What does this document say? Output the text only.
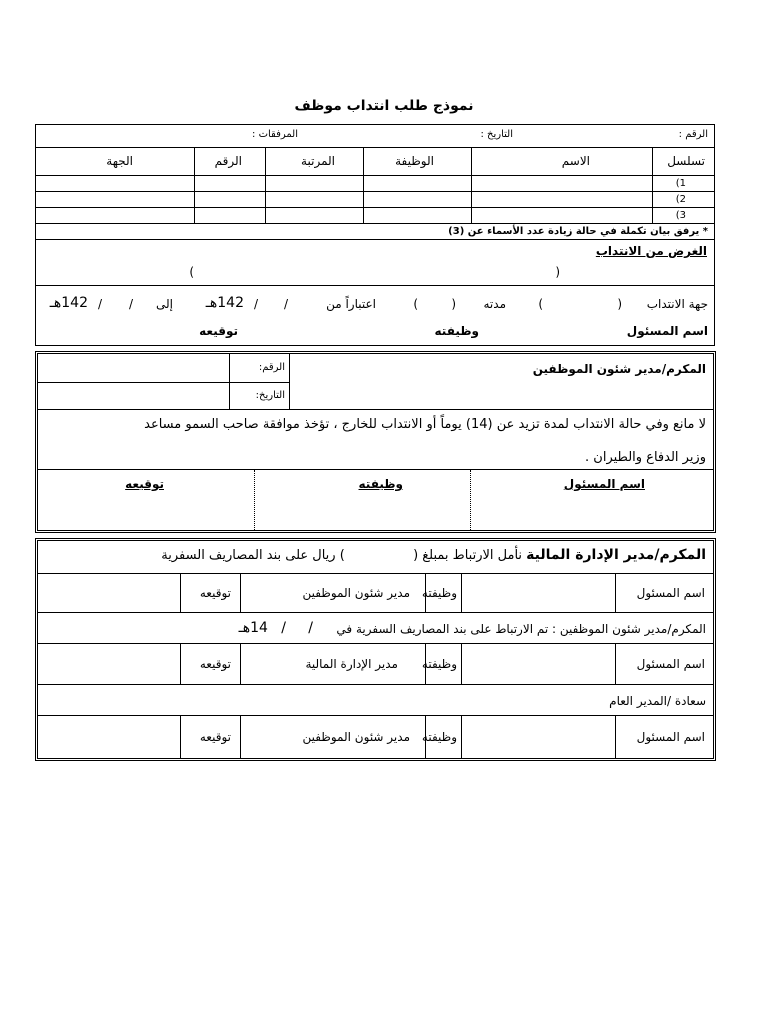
نموذج طلب انتداب موظف
الرقم :
التاريخ :
المرفقات :
تسلسل
الاسم
الوظيفة
المرتبة
الرقم
الجهة
1)
2)
3)
* يرفق بيان تكملة في حالة زيادة عدد الأسماء عن (3)
الغرض من الانتداب
(
)
جهة الانتداب
(
)
مدته
(
)
اعتباراً من
/
/
142هـ
إلى
/
/
142هـ
اسم المسئول
وظيفته
توقيعه
المكرم/مدير شئون الموظفين
الرقم:
التاريخ:
لا مانع وفي حالة الانتداب لمدة تزيد عن (14) يوماً أو الانتداب للخارج ، تؤخذ موافقة صاحب السمو مساعد
وزير الدفاع والطيران .
اسم المسئول
وظيفته
توقيعه
المكرم/مدير الإدارة المالية نأمل الارتباط بمبلغ (  ) ريال على بند المصاريف السفرية
اسم المسئول
وظيفته
مدير شئون الموظفين
توقيعه
المكرم/مدير شئون الموظفين : تم الارتباط على بند المصاريف السفرية في
/     /   14هـ
اسم المسئول
وظيفته
مدير الإدارة المالية
توقيعه
سعادة /المدير العام
اسم المسئول
وظيفته
مدير شئون الموظفين
توقيعه
